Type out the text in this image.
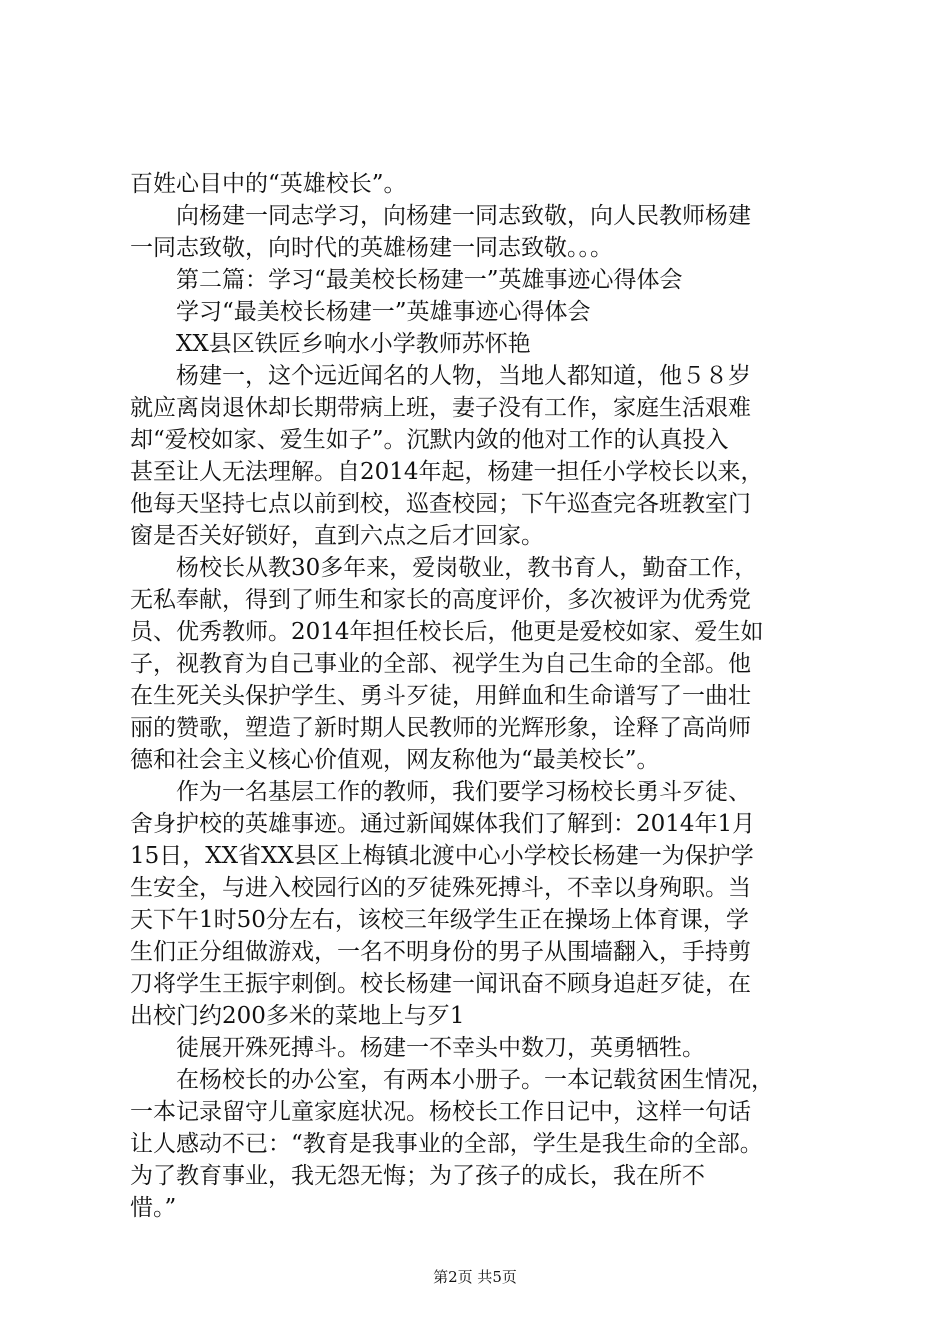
百姓心目中的“英雄校长”。
向杨建一同志学习，向杨建一同志致敬，向人民教师杨建
一同志致敬，向时代的英雄杨建一同志致敬。。。
第二篇：学习“最美校长杨建一”英雄事迹心得体会
学习“最美校长杨建一”英雄事迹心得体会
XX县区铁匠乡响水小学教师苏怀艳
杨建一，这个远近闻名的人物，当地人都知道，他５８岁
就应离岗退休却长期带病上班，妻子没有工作，家庭生活艰难
却“爱校如家、爱生如子”。沉默内敛的他对工作的认真投入
甚至让人无法理解。自2014年起，杨建一担任小学校长以来，
他每天坚持七点以前到校，巡查校园；下午巡查完各班教室门
窗是否关好锁好，直到六点之后才回家。
杨校长从教30多年来，爱岗敬业，教书育人，勤奋工作，
无私奉献，得到了师生和家长的高度评价，多次被评为优秀党
员、优秀教师。2014年担任校长后，他更是爱校如家、爱生如
子，视教育为自己事业的全部、视学生为自己生命的全部。他
在生死关头保护学生、勇斗歹徒，用鲜血和生命谱写了一曲壮
丽的赞歌，塑造了新时期人民教师的光辉形象，诠释了高尚师
德和社会主义核心价值观，网友称他为“最美校长”。
作为一名基层工作的教师，我们要学习杨校长勇斗歹徒、
舍身护校的英雄事迹。通过新闻媒体我们了解到：2014年1月
15日，XX省XX县区上梅镇北渡中心小学校长杨建一为保护学
生安全，与进入校园行凶的歹徒殊死搏斗，不幸以身殉职。当
天下午1时50分左右，该校三年级学生正在操场上体育课，学
生们正分组做游戏，一名不明身份的男子从围墙翻入，手持剪
刀将学生王振宇刺倒。校长杨建一闻讯奋不顾身追赶歹徒，在
出校门约200多米的菜地上与歹1
徒展开殊死搏斗。杨建一不幸头中数刀，英勇牺牲。
在杨校长的办公室，有两本小册子。一本记载贫困生情况，
一本记录留守儿童家庭状况。杨校长工作日记中，这样一句话
让人感动不已：“教育是我事业的全部，学生是我生命的全部。
为了教育事业，我无怨无悔；为了孩子的成长，我在所不
惜。”
第2页 共5页
